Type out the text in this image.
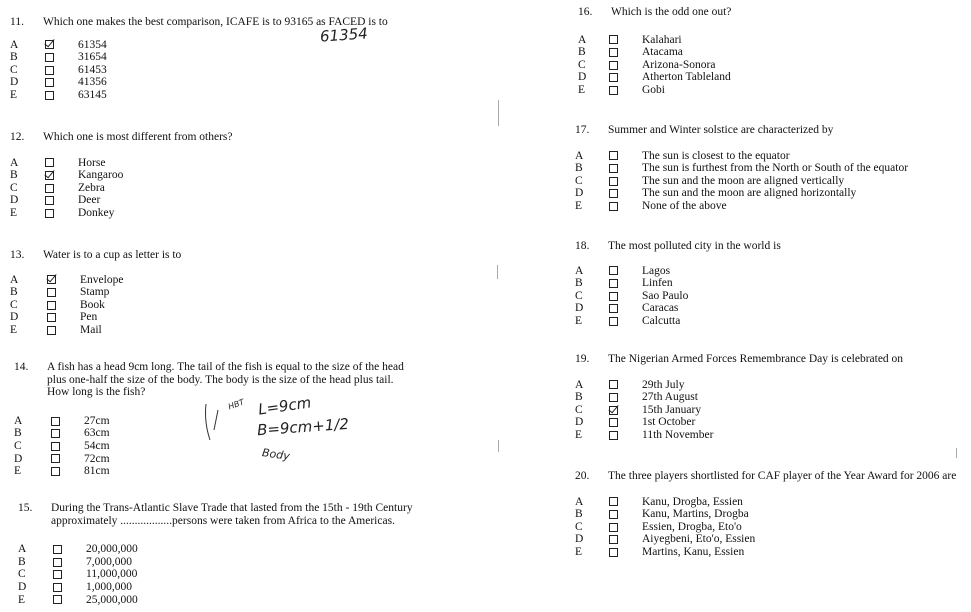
11.	Which one makes the best comparison, ICAFE is to 93165 as FACED is to
A	61354
B	31654
C	61453
D	41356
E	63145
12.	Which one is most different from others?
A	Horse
B	Kangaroo
C	Zebra
D	Deer
E	Donkey
13.	Water is to a cup as letter is to
A	Envelope
B	Stamp
C	Book
D	Pen
E	Mail
14.	A fish has a head 9cm long. The tail of the fish is equal to the size of the head plus one-half the size of the body. The body is the size of the head plus tail. How long is the fish?
A	27cm
B	63cm
C	54cm
D	72cm
E	81cm
15.	During the Trans-Atlantic Slave Trade that lasted from the 15th - 19th Century approximately ..................persons were taken from Africa to the Americas.
A	20,000,000
B	7,000,000
C	11,000,000
D	1,000,000
E	25,000,000
16.	Which is the odd one out?
A	Kalahari
B	Atacama
C	Arizona-Sonora
D	Atherton Tableland
E	Gobi
17.	Summer and Winter solstice are characterized by
A	The sun is closest to the equator
B	The sun is furthest from the North or South of the equator
C	The sun and the moon are aligned vertically
D	The sun and the moon are aligned horizontally
E	None of the above
18.	The most polluted city in the world is
A	Lagos
B	Linfen
C	Sao Paulo
D	Caracas
E	Calcutta
19.	The Nigerian Armed Forces Remembrance Day is celebrated on
A	29th July
B	27th August
C	15th January
D	1st October
E	11th November
20.	The three players shortlisted for CAF player of the Year Award for 2006 are
A	Kanu, Drogba, Essien
B	Kanu, Martins, Drogba
C	Essien, Drogba, Eto'o
D	Aiyegbeni, Eto'o, Essien
E	Martins, Kanu, Essien
61354
HBT L=9cm
B=9cm+1/2
Body
